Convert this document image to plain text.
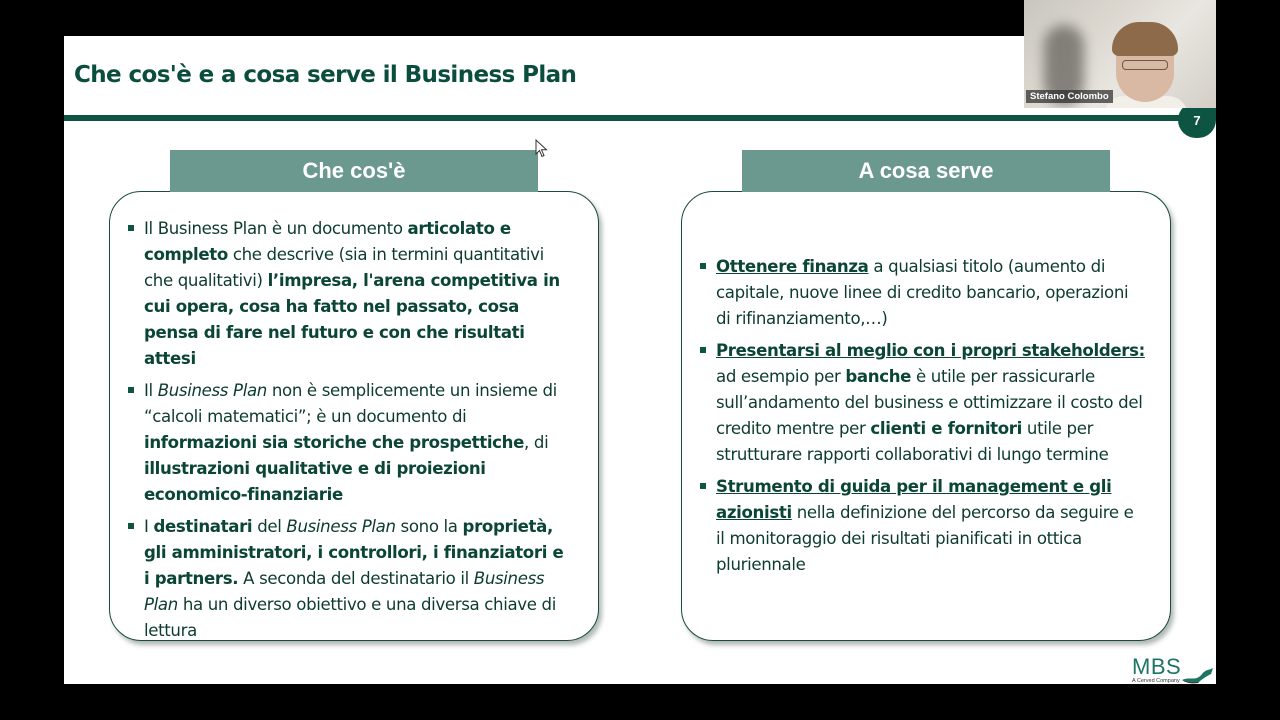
Che cos'è e a cosa serve il Business Plan
7
Il Business Plan è un documento articolato e completo che descrive (sia in termini quantitativi che qualitativi) l’impresa, l'arena competitiva in cui opera, cosa ha fatto nel passato, cosa pensa di fare nel futuro e con che risultati attesi
Il Business Plan non è semplicemente un insieme di “calcoli matematici”; è un documento di informazioni sia storiche che prospettiche, di illustrazioni qualitative e di proiezioni economico-finanziarie
I destinatari del Business Plan sono la proprietà, gli amministratori, i controllori, i finanziatori e i partners. A seconda del destinatario il Business Plan ha un diverso obiettivo e una diversa chiave di lettura
Che cos'è
Ottenere finanza a qualsiasi titolo (aumento di capitale, nuove linee di credito bancario, operazioni di rifinanziamento,…)
Presentarsi al meglio con i propri stakeholders: ad esempio per banche è utile per rassicurarle sull’andamento del business e ottimizzare il costo del credito mentre per clienti e fornitori utile per strutturare rapporti collaborativi di lungo termine
Strumento di guida per il management e gli azionisti nella definizione del percorso da seguire e il monitoraggio dei risultati pianificati in ottica pluriennale
A cosa serve
MBS
A Cerved Company
Stefano Colombo
